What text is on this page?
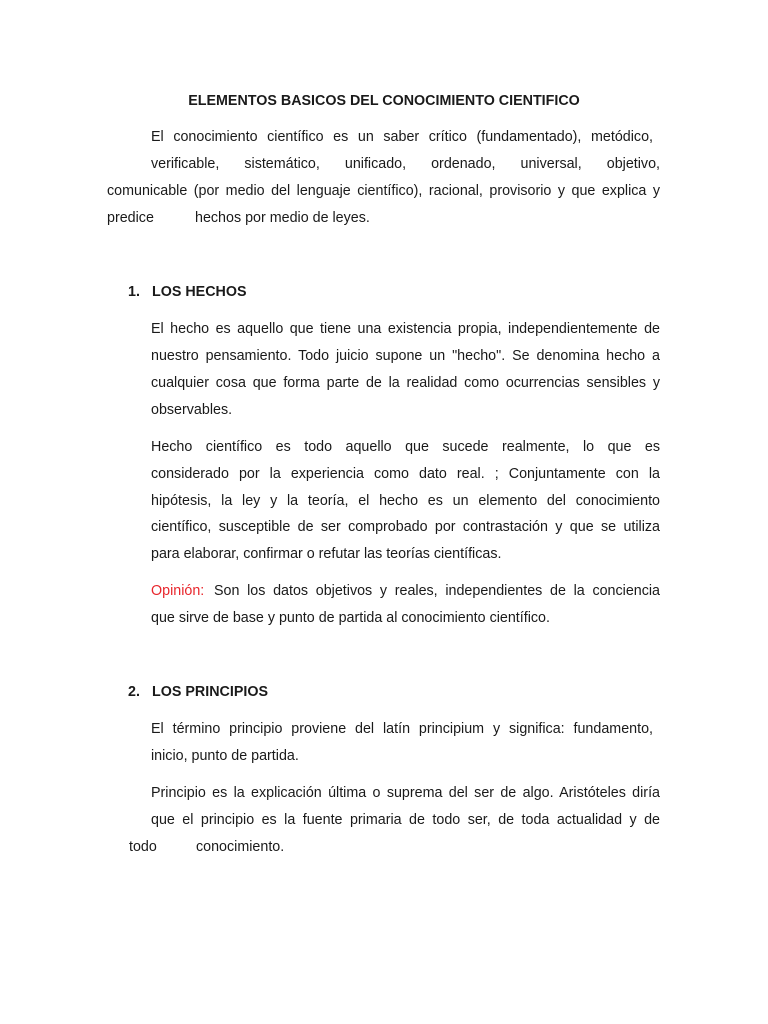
ELEMENTOS BASICOS DEL CONOCIMIENTO CIENTIFICO
El conocimiento científico es un saber crítico (fundamentado), metódico,
verificable, sistemático, unificado, ordenado, universal, objetivo,
comunicable (por medio del lenguaje científico), racional, provisorio y que explica y
predice	hechos por medio de leyes.
1. LOS HECHOS
El hecho es aquello que tiene una existencia propia, independientemente de
nuestro pensamiento. Todo juicio supone un "hecho". Se denomina hecho a
cualquier cosa que forma parte de la realidad como ocurrencias sensibles y
observables.
Hecho científico es todo aquello que sucede realmente, lo que es
considerado por la experiencia como dato real. ; Conjuntamente con la
hipótesis, la ley y la teoría, el hecho es un elemento del conocimiento
científico, susceptible de ser comprobado por contrastación y que se utiliza
para elaborar, confirmar o refutar las teorías científicas.
Opinión: Son los datos objetivos y reales, independientes de la conciencia
que sirve de base y punto de partida al conocimiento científico.
2. LOS PRINCIPIOS
El término principio proviene del latín principium y significa: fundamento,
inicio, punto de partida.
Principio es la explicación última o suprema del ser de algo. Aristóteles diría
que el principio es la fuente primaria de todo ser, de toda actualidad y de
todo	conocimiento.
